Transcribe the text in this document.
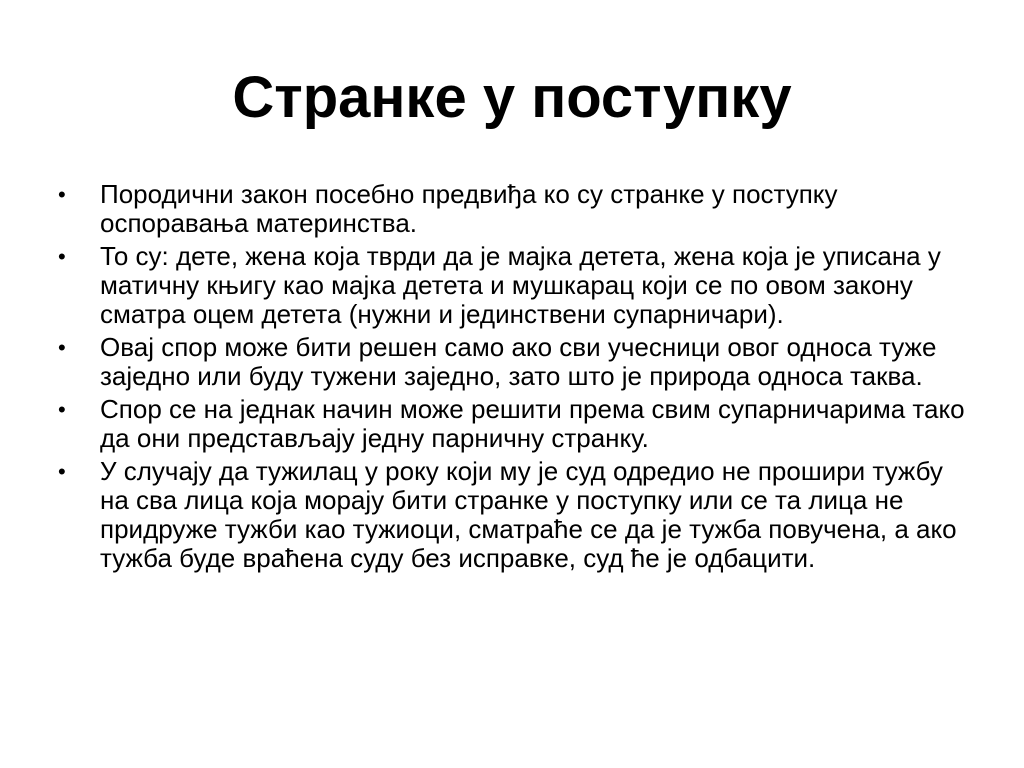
Странке у поступку
• Породични закон посебно предвиђа ко су странке у поступку оспоравања материнства.
• То су: дете, жена која тврди да је мајка детета, жена која је уписана у матичну књигу као мајка детета и мушкарац који се по овом закону сматра оцем детета (нужни и јединствени супарничари).
• Овај спор може бити решен само ако сви учесници овог односа туже заједно или буду тужени заједно, зато што је природа односа таква.
• Спор се на једнак начин може решити према свим супарничарима тако да они представљају једну парничну странку.
• У случају да тужилац у року који му је суд одредио не прошири тужбу на сва лица која морају бити странке у поступку или се та лица не придруже тужби као тужиоци, сматраће се да је тужба повучена, а ако тужба буде враћена суду без исправке, суд ће је одбацити.
